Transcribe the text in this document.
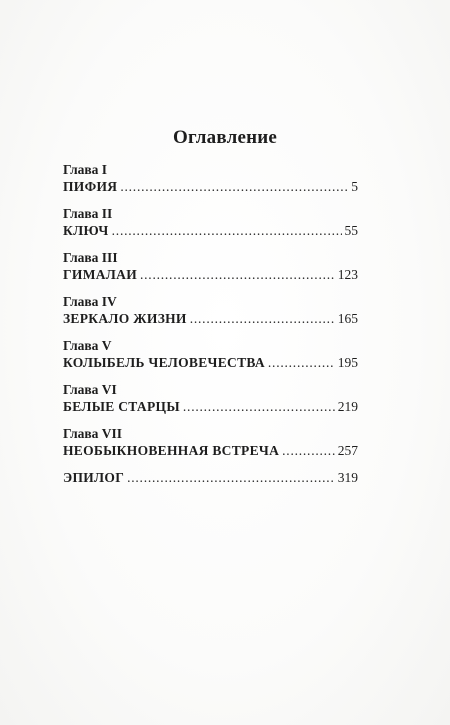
Оглавление
Глава I
ПИФИЯ . . .	5
Глава II
КЛЮЧ . . .	55
Глава III
ГИМАЛАИ . . .	123
Глава IV
ЗЕРКАЛО ЖИЗНИ . . .	165
Глава V
КОЛЫБЕЛЬ ЧЕЛОВЕЧЕСТВА . . .	195
Глава VI
БЕЛЫЕ СТАРЦЫ . . .	219
Глава VII
НЕОБЫКНОВЕННАЯ ВСТРЕЧА . . .	257
ЭПИЛОГ . . .	319
